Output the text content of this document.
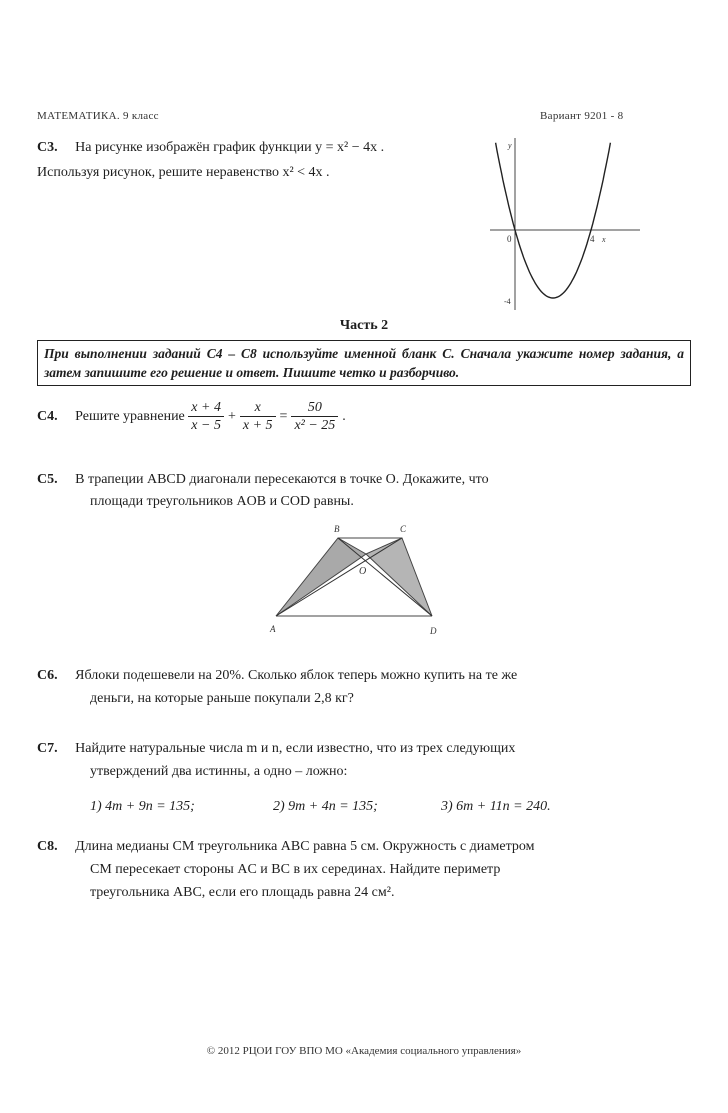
МАТЕМАТИКА. 9 класс	Вариант 9201 - 8
С3. На рисунке изображён график функции y = x² − 4x .
Используя рисунок, решите неравенство x² < 4x .
0	4 x
y
-4
Часть 2
При выполнении заданий С4 – С8 используйте именной бланк С. Сначала укажите номер задания, а затем запишите его решение и ответ. Пишите четко и разборчиво.
С4. Решите уравнение $\frac{x + 4}{x - 5} + \frac{x}{x + 5} = \frac{50}{\text{x² − 25}}$ .
С5. В трапеции ABCD диагонали пересекаются в точке O. Докажите, что
площади треугольников AOB и COD равны.
B	C
O
A	D
С6. Яблоки подешевели на 20%. Сколько яблок теперь можно купить на те же
деньги, на которые раньше покупали 2,8 кг?
С7. Найдите натуральные числа m и n, если известно, что из трех следующих
утверждений два истинны, а одно – ложно:
1) 4m + 9n = 135;	2) 9m + 4n = 135;	3) 6m + 11n = 240.
С8. Длина медианы CM треугольника ABC равна 5 см. Окружность с диаметром
CM пересекает стороны AC и BC в их серединах. Найдите периметр
треугольника ABC, если его площадь равна 24 см².
© 2012 РЦОИ ГОУ ВПО МО «Академия социального управления»
